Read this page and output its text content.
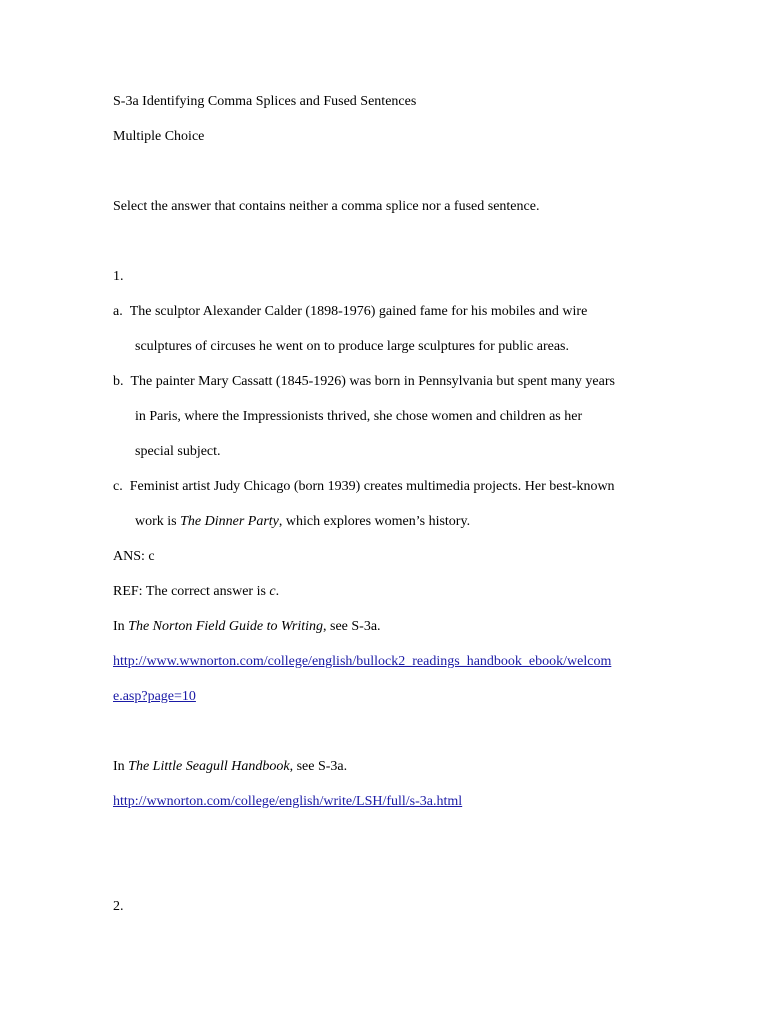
S-3a Identifying Comma Splices and Fused Sentences
Multiple Choice
Select the answer that contains neither a comma splice nor a fused sentence.
1.
a.  The sculptor Alexander Calder (1898-1976) gained fame for his mobiles and wire
sculptures of circuses he went on to produce large sculptures for public areas.
b.  The painter Mary Cassatt (1845-1926) was born in Pennsylvania but spent many years
in Paris, where the Impressionists thrived, she chose women and children as her
special subject.
c.  Feminist artist Judy Chicago (born 1939) creates multimedia projects. Her best-known
work is The Dinner Party, which explores women’s history.
ANS: c
REF: The correct answer is c.
In The Norton Field Guide to Writing, see S-3a.
http://www.wwnorton.com/college/english/bullock2_readings_handbook_ebook/welcom
e.asp?page=10
In The Little Seagull Handbook, see S-3a.
http://wwnorton.com/college/english/write/LSH/full/s-3a.html
2.
